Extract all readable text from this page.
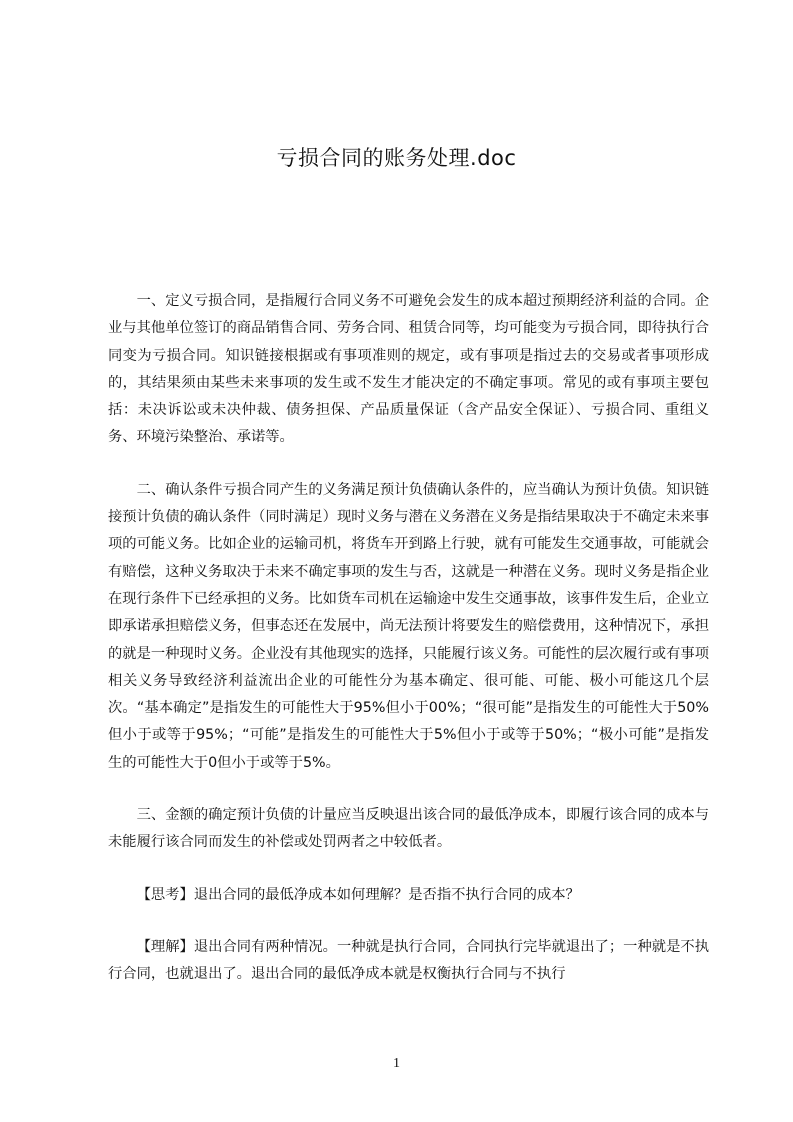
亏损合同的账务处理.doc

一、定义亏损合同，是指履行合同义务不可避免会发生的成本超过预期经济利益的合同。企业与其他单位签订的商品销售合同、劳务合同、租赁合同等，均可能变为亏损合同，即待执行合同变为亏损合同。知识链接根据或有事项准则的规定，或有事项是指过去的交易或者事项形成的，其结果须由某些未来事项的发生或不发生才能决定的不确定事项。常见的或有事项主要包括：未决诉讼或未决仲裁、债务担保、产品质量保证（含产品安全保证）、亏损合同、重组义务、环境污染整治、承诺等。

二、确认条件亏损合同产生的义务满足预计负债确认条件的，应当确认为预计负债。知识链接预计负债的确认条件（同时满足）现时义务与潜在义务潜在义务是指结果取决于不确定未来事项的可能义务。比如企业的运输司机，将货车开到路上行驶，就有可能发生交通事故，可能就会有赔偿，这种义务取决于未来不确定事项的发生与否，这就是一种潜在义务。现时义务是指企业在现行条件下已经承担的义务。比如货车司机在运输途中发生交通事故，该事件发生后，企业立即承诺承担赔偿义务，但事态还在发展中，尚无法预计将要发生的赔偿费用，这种情况下，承担的就是一种现时义务。企业没有其他现实的选择，只能履行该义务。可能性的层次履行或有事项相关义务导致经济利益流出企业的可能性分为基本确定、很可能、可能、极小可能这几个层次。“基本确定”是指发生的可能性大于95%但小于00%；“很可能”是指发生的可能性大于50%但小于或等于95%；“可能”是指发生的可能性大于5%但小于或等于50%；“极小可能”是指发生的可能性大于0但小于或等于5%。

三、金额的确定预计负债的计量应当反映退出该合同的最低净成本，即履行该合同的成本与未能履行该合同而发生的补偿或处罚两者之中较低者。

【思考】退出合同的最低净成本如何理解？是否指不执行合同的成本？

【理解】退出合同有两种情况。一种就是执行合同，合同执行完毕就退出了；一种就是不执行合同，也就退出了。退出合同的最低净成本就是权衡执行合同与不执行

1
